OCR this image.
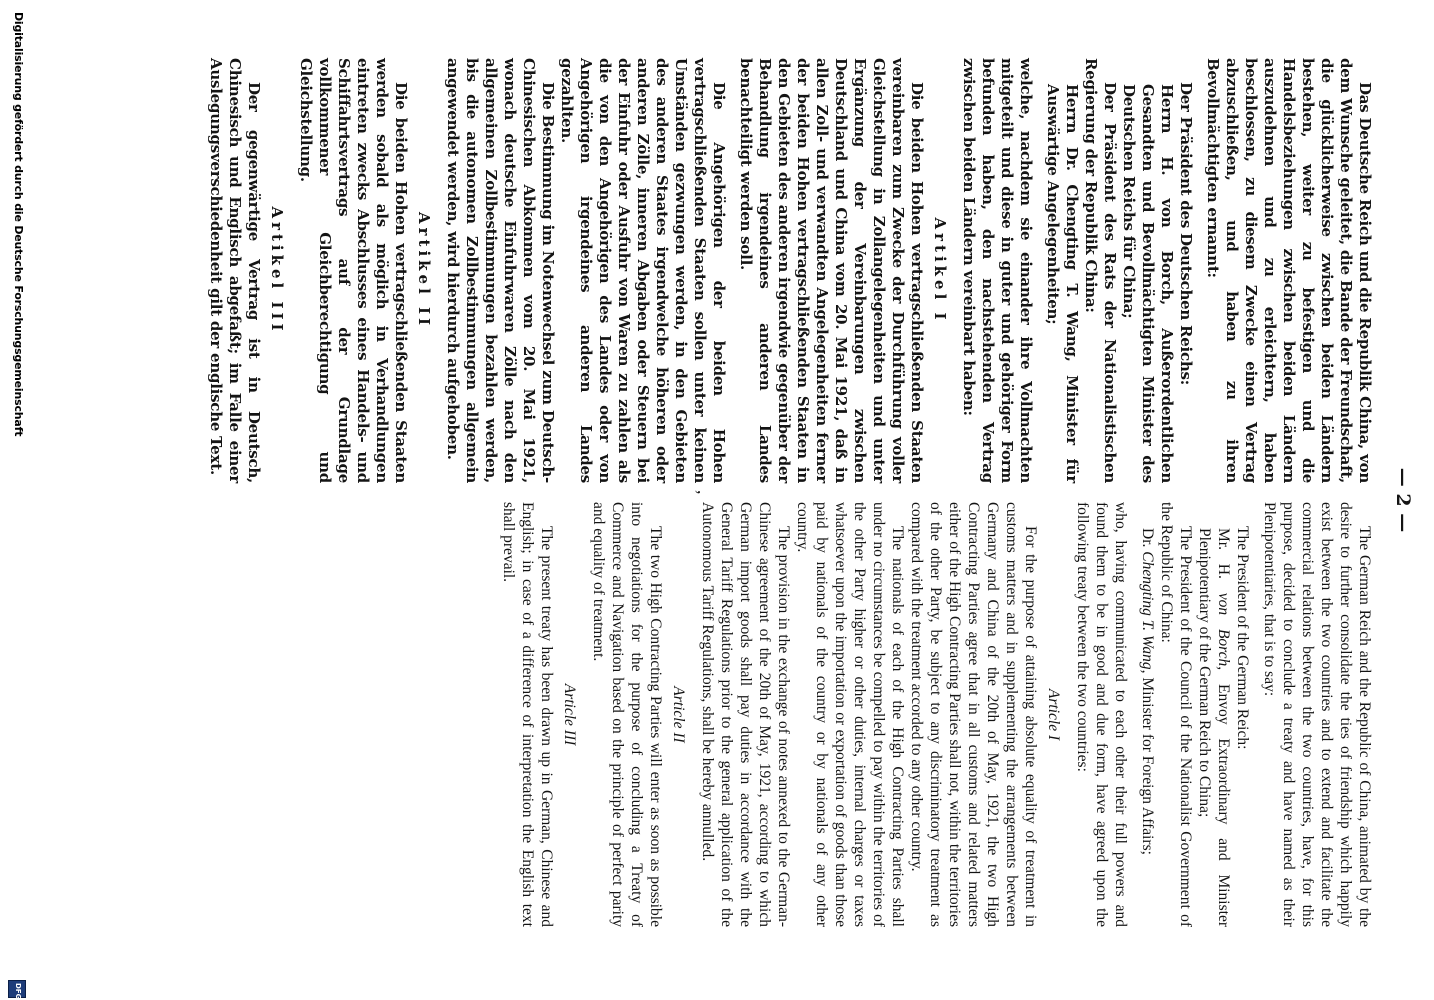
— 2 —

Das Deutsche Reich und die Republik China, von dem Wunsche geleitet, die Bande der Freundschaft, die glücklicherweise zwischen beiden Ländern bestehen, weiter zu befestigen und die Handelsbeziehungen zwischen beiden Ländern auszudehnen und zu erleichtern, haben beschlossen, zu diesem Zwecke einen Vertrag abzuschließen, und haben zu ihren Bevollmächtigten ernannt:

Der Präsident des Deutschen Reichs:

Herrn H. von Borch, Außerordentlichen Gesandten und Bevollmächtigten Minister des Deutschen Reichs für China;

Der Präsident des Rats der Nationalistischen Regierung der Republik China:

Herrn Dr. Chengting T. Wang, Minister für Auswärtige Angelegenheiten;

welche, nachdem sie einander ihre Vollmachten mitgeteilt und diese in guter und gehöriger Form befunden haben, den nachstehenden Vertrag zwischen beiden Ländern vereinbart haben:

Artikel I

Die beiden Hohen vertragschließenden Staaten vereinbaren zum Zwecke der Durchführung voller Gleichstellung in Zollangelegenheiten und unter Ergänzung der Vereinbarungen zwischen Deutschland und China vom 20. Mai 1921, daß in allen Zoll- und verwandten Angelegenheiten ferner der beiden Hohen vertragschließenden Staaten in den Gebieten des anderen irgendwie gegenüber der Behandlung irgendeines anderen Landes benachteiligt werden soll.

Die Angehörigen der beiden Hohen vertragschließenden Staaten sollen unter keinen Umständen gezwungen werden, in den Gebieten des anderen Staates irgendwelche höheren oder anderen Zölle, inneren Abgaben oder Steuern bei der Einfuhr oder Ausfuhr von Waren zu zahlen als die von den Angehörigen des Landes oder von Angehörigen irgendeines anderen Landes gezahlten.

Die Bestimmung im Notenwechsel zum Deutsch-Chinesischen Abkommen vom 20. Mai 1921, wonach deutsche Einfuhrwaren Zölle nach den allgemeinen Zollbestimmungen bezahlen werden, bis die autonomen Zollbestimmungen allgemein angewendet werden, wird hierdurch aufgehoben.

Artikel II

Die beiden Hohen vertragschließenden Staaten werden sobald als möglich in Verhandlungen eintreten zwecks Abschlusses eines Handels- und Schiffahrtsvertrags auf der Grundlage vollkommener Gleichberechtigung und Gleichstellung.

Artikel III

Der gegenwärtige Vertrag ist in Deutsch, Chinesisch und Englisch abgefaßt; im Falle einer Auslegungsverschiedenheit gilt der englische Text.

,

The German Reich and the Republic of China, animated by the desire to further consolidate the ties of friendship which happily exist between the two countries and to extend and facilitate the commercial relations between the two countries, have, for this purpose, decided to conclude a treaty and have named as their Plenipotentiaries, that is to say:

The President of the German Reich:

Mr. H. von Borch, Envoy Extraordinary and Minister Plenipotentiary of the German Reich to China;

The President of the Council of the Nationalist Government of the Republic of China:

Dr. Chengting T. Wang, Minister for Foreign Affairs;

who, having communicated to each other their full powers and found them to be in good and due form, have agreed upon the following treaty between the two countries:

Article I

For the purpose of attaining absolute equality of treatment in customs matters and in supplementing the arrangements between Germany and China of the 20th of May, 1921, the two High Contracting Parties agree that in all customs and related matters either of the High Contracting Parties shall not, within the territories of the other Party, be subject to any discriminatory treatment as compared with the treatment accorded to any other country.

The nationals of each of the High Contracting Parties shall under no circumstances be compelled to pay within the territories of the other Party higher or other duties, internal charges or taxes whatsoever upon the importation or exportation of goods than those paid by nationals of the country or by nationals of any other country.

The provision in the exchange of notes annexed to the German-Chinese agreement of the 20th of May, 1921, according to which German import goods shall pay duties in accordance with the General Tariff Regulations prior to the general application of the Autonomous Tariff Regulations, shall be hereby annulled.

Article II

The two High Contracting Parties will enter as soon as possible into negotiations for the purpose of concluding a Treaty of Commerce and Navigation based on the principle of perfect parity and equality of treatment.

Article III

The present treaty has been drawn up in German, Chinese and English; in case of a difference of interpretation the English text shall prevail.

Digitalisierung gefördert durch die Deutsche Forschungsgemeinschaft
DFG
